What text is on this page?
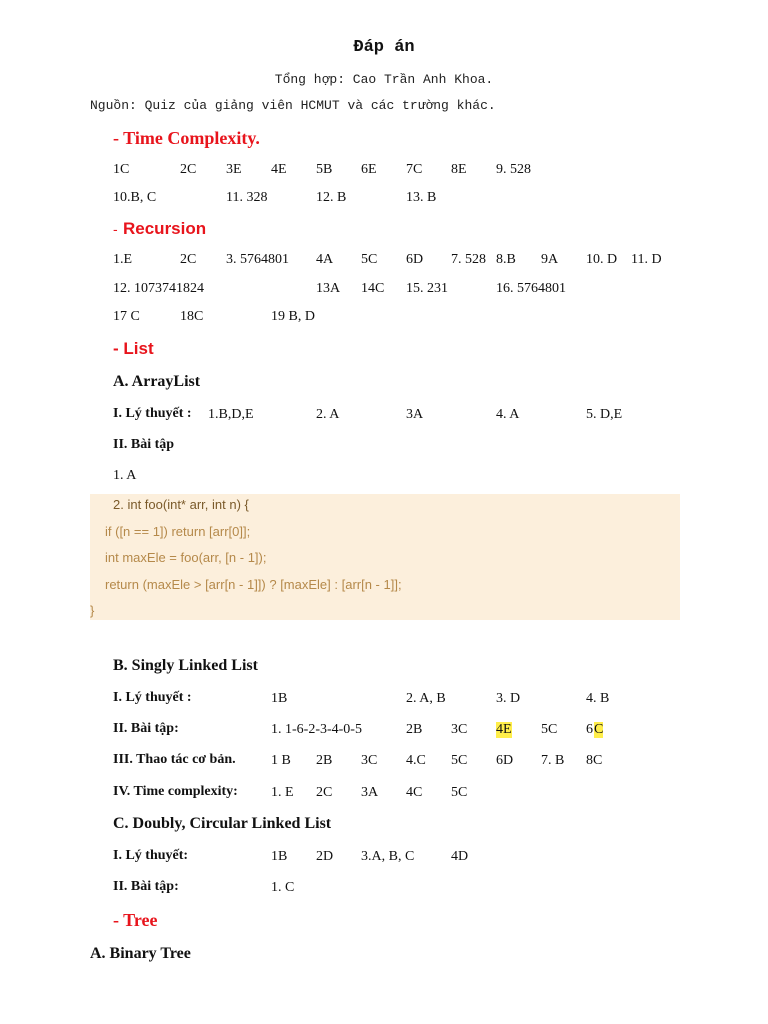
Đáp án
Tổng hợp: Cao Trần Anh Khoa.
Nguồn: Quiz của giảng viên HCMUT và các trường khác.
- Time Complexity.
1C	2C 3E 4E 5B 6E 7C 8E 9. 528
10.B, C	11. 328	12. B	13. B
- Recursion
1.E	2C 3. 5764801 4A 5C 6D 7. 528 8.B 9A 10. D 11. D
12. 1073741824	13A 14C 15. 231	16. 5764801
17 C	18C	19 B, D
- List
A. ArrayList
I. Lý thuyết : 1.B,D,E	2. A	3A	4. A	5. D,E
II. Bài tập
1. A
2. int foo(int* arr, int n) {
if ([n == 1]) return [arr[0]];
int maxEle = foo(arr, [n - 1]);
return (maxEle > [arr[n - 1]]) ? [maxEle] : [arr[n - 1]];
}
B. Singly Linked List
I. Lý thuyết :	1B	2. A, B	3. D	4. B
II. Bài tập:	1. 1-6-2-3-4-0-5	2B 3C 4E 5C 6 C
III. Thao tác cơ bản.	1 B 2B 3C 4.C 5C 6D 7. B 8C
IV. Time complexity: 1. E 2C 3A 4C 5C
C. Doubly, Circular Linked List
I. Lý thuyết:	1B 2D 3.A, B, C	4D
II. Bài tập:	1. C
- Tree
A. Binary Tree
